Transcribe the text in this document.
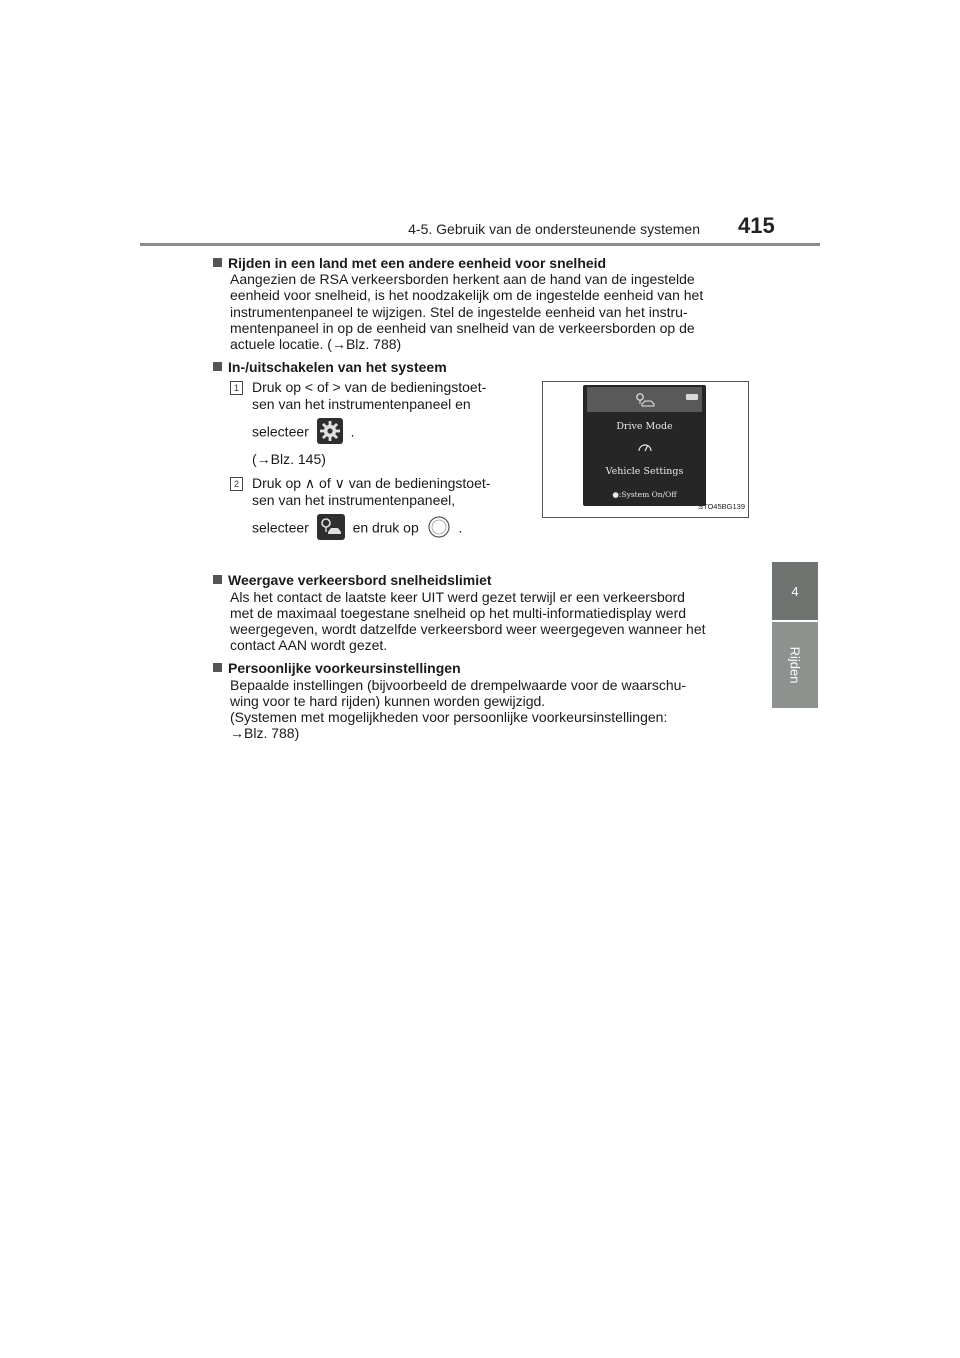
4-5. Gebruik van de ondersteunende systemen 415
4
Rijden
Rijden in een land met een andere eenheid voor snelheid
Aangezien de RSA verkeersborden herkent aan de hand van de ingestelde
eenheid voor snelheid, is het noodzakelijk om de ingestelde eenheid van het
instrumentenpaneel te wijzigen. Stel de ingestelde eenheid van het instru-
mentenpaneel in op de eenheid van snelheid van de verkeersborden op de
actuele locatie. (→Blz. 788)
In-/uitschakelen van het systeem
1 Druk op < of > van de bedieningstoet-
sen van het instrumentenpaneel en
selecteer	.
(→Blz. 145)
2 Druk op ∧ of ∨ van de bedieningstoet-
sen van het instrumentenpaneel,
selecteer	en druk op	.
Drive Mode
Vehicle Settings
●:System On/Off
STO45BG139
Weergave verkeersbord snelheidslimiet
Als het contact de laatste keer UIT werd gezet terwijl er een verkeersbord
met de maximaal toegestane snelheid op het multi-informatiedisplay werd
weergegeven, wordt datzelfde verkeersbord weer weergegeven wanneer het
contact AAN wordt gezet.
Persoonlijke voorkeursinstellingen
Bepaalde instellingen (bijvoorbeeld de drempelwaarde voor de waarschu-
wing voor te hard rijden) kunnen worden gewijzigd.
(Systemen met mogelijkheden voor persoonlijke voorkeursinstellingen:
→Blz. 788)
